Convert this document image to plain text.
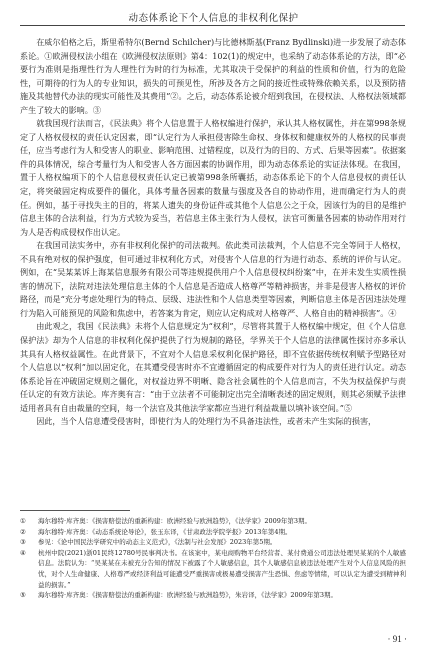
动态体系论下个人信息的非权利化保护

在威尔伯格之后，斯里希特尔(Bernd Schilcher)与比德林斯基(Franz Bydlinski)进一步发展了动态体系论。①欧洲侵权法小组在《欧洲侵权法原则》第4：102(1)的规定中，也采纳了动态体系论的方法，即“必要行为准则是指理性行为人理性行为时的行为标准，尤其取决于受保护的利益的性质和价值，行为的危险性，可期待的行为人的专业知识，损失的可预见性，所涉及各方之间的接近性或特殊依赖关系，以及预防措施及其他替代办法的现实可能性及其费用”②。之后，动态体系论被介绍到我国，在侵权法、人格权法领域都产生了较大的影响。③

就我国现行法而言，《民法典》将个人信息置于人格权编进行保护，承认其人格权属性，并在第998条规定了人格权侵权的责任认定因素，即“认定行为人承担侵害除生命权、身体权和健康权外的人格权的民事责任，应当考虑行为人和受害人的职业、影响范围、过错程度，以及行为的目的、方式、后果等因素”。依据案件的具体情况，综合考量行为人和受害人各方面因素的协调作用，即为动态体系论的实证法体现。在我国，置于人格权编项下的个人信息侵权责任认定已被第998条所囊括，动态体系论下的个人信息侵权的责任认定，将突破固定构成要件的僵化，具体考量各因素的数量与强度及各自的协动作用，进而确定行为人的责任。例如，基于寻找失主的目的，将某人遗失的身份证件或其他个人信息公之于众，因该行为的目的是维护信息主体的合法利益，行为方式较为妥当，若信息主体主张行为人侵权，法官可衡量各因素的协动作用对行为人是否构成侵权作出认定。

在我国司法实务中，亦有非权利化保护的司法裁判。依此类司法裁判，个人信息不完全等同于人格权，不具有绝对权的保护强度，但可通过非权利化方式，对侵害个人信息的行为进行动态、系统的评价与认定。例如，在“吴某某诉上海某信息服务有限公司等违规提供用户个人信息侵权纠纷案”中，在并未发生实质性损害的情况下，法院对违法处理信息主体的个人信息是否造成人格尊严等精神损害，并非是侵害人格权的评价路径，而是“充分考虑处理行为的特点、层级、违法性和个人信息类型等因素，判断信息主体是否因违法处理行为陷入可能预见的风险和焦虑中，若答案为肯定，则应认定构成对人格尊严、人格自由的精神损害”。④

由此观之，我国《民法典》未将个人信息规定为“权利”，尽管将其置于人格权编中规定，但《个人信息保护法》却为个人信息的非权利化保护提供了行为规制的路径，学界关于个人信息的法律属性探讨亦多承认其具有人格权益属性。在此背景下，不宜对个人信息采权利化保护路径，即不宜依据传统权利赋予型路径对个人信息以“权利”加以固定化，在其遭受侵害时亦不宜遵循固定的构成要件对行为人的责任进行认定。动态体系论旨在冲破固定规则之僵化，对权益边界不明晰、隐含社会属性的个人信息而言，不失为权益保护与责任认定的有效方法论。库齐奥有言：“由于立法者不可能制定出完全清晰表述的固定规则，则其必须赋予法律适用者具有自由裁量的空间，每一个法官及其他法学家都应当进行利益裁量以填补该空间。”⑤

因此，当个人信息遭受侵害时，即使行为人的处理行为不具备违法性，或者未产生实际的损害，

①	海尔穆特·库齐奥：《损害赔偿法的重新构建：欧洲经验与欧洲趋势》，《法学家》2009年第3期。
②	海尔穆特·库齐奥：《动态系统论导论》，张玉东译，《甘肃政法学院学报》2013年第4期。
③	参见：《论中国民法学研究中的动态主义范式》，《法制与社会发展》2023年第5期。
④	杭州中院(2021)浙01民终12780号民事判决书。在该案中，某电商购物平台经营者、某付费通公司违法处理吴某某的个人敏感信息。法院认为：“吴某某在未被充分告知的情况下被露了个人敏感信息，其个人敏感信息被违法处理产生对个人信息风险的担忧，对个人生命健康、人格尊严或经济利益可能遭受严重损害或极易遭受损害产生恐惧、焦虑等情绪，可以认定为遭受到精神利益的损害。”
⑤	海尔穆特·库齐奥：《损害赔偿法的重新构建：欧洲经验与欧洲趋势》，朱岩译，《法学家》2009年第3期。
· 91 ·
